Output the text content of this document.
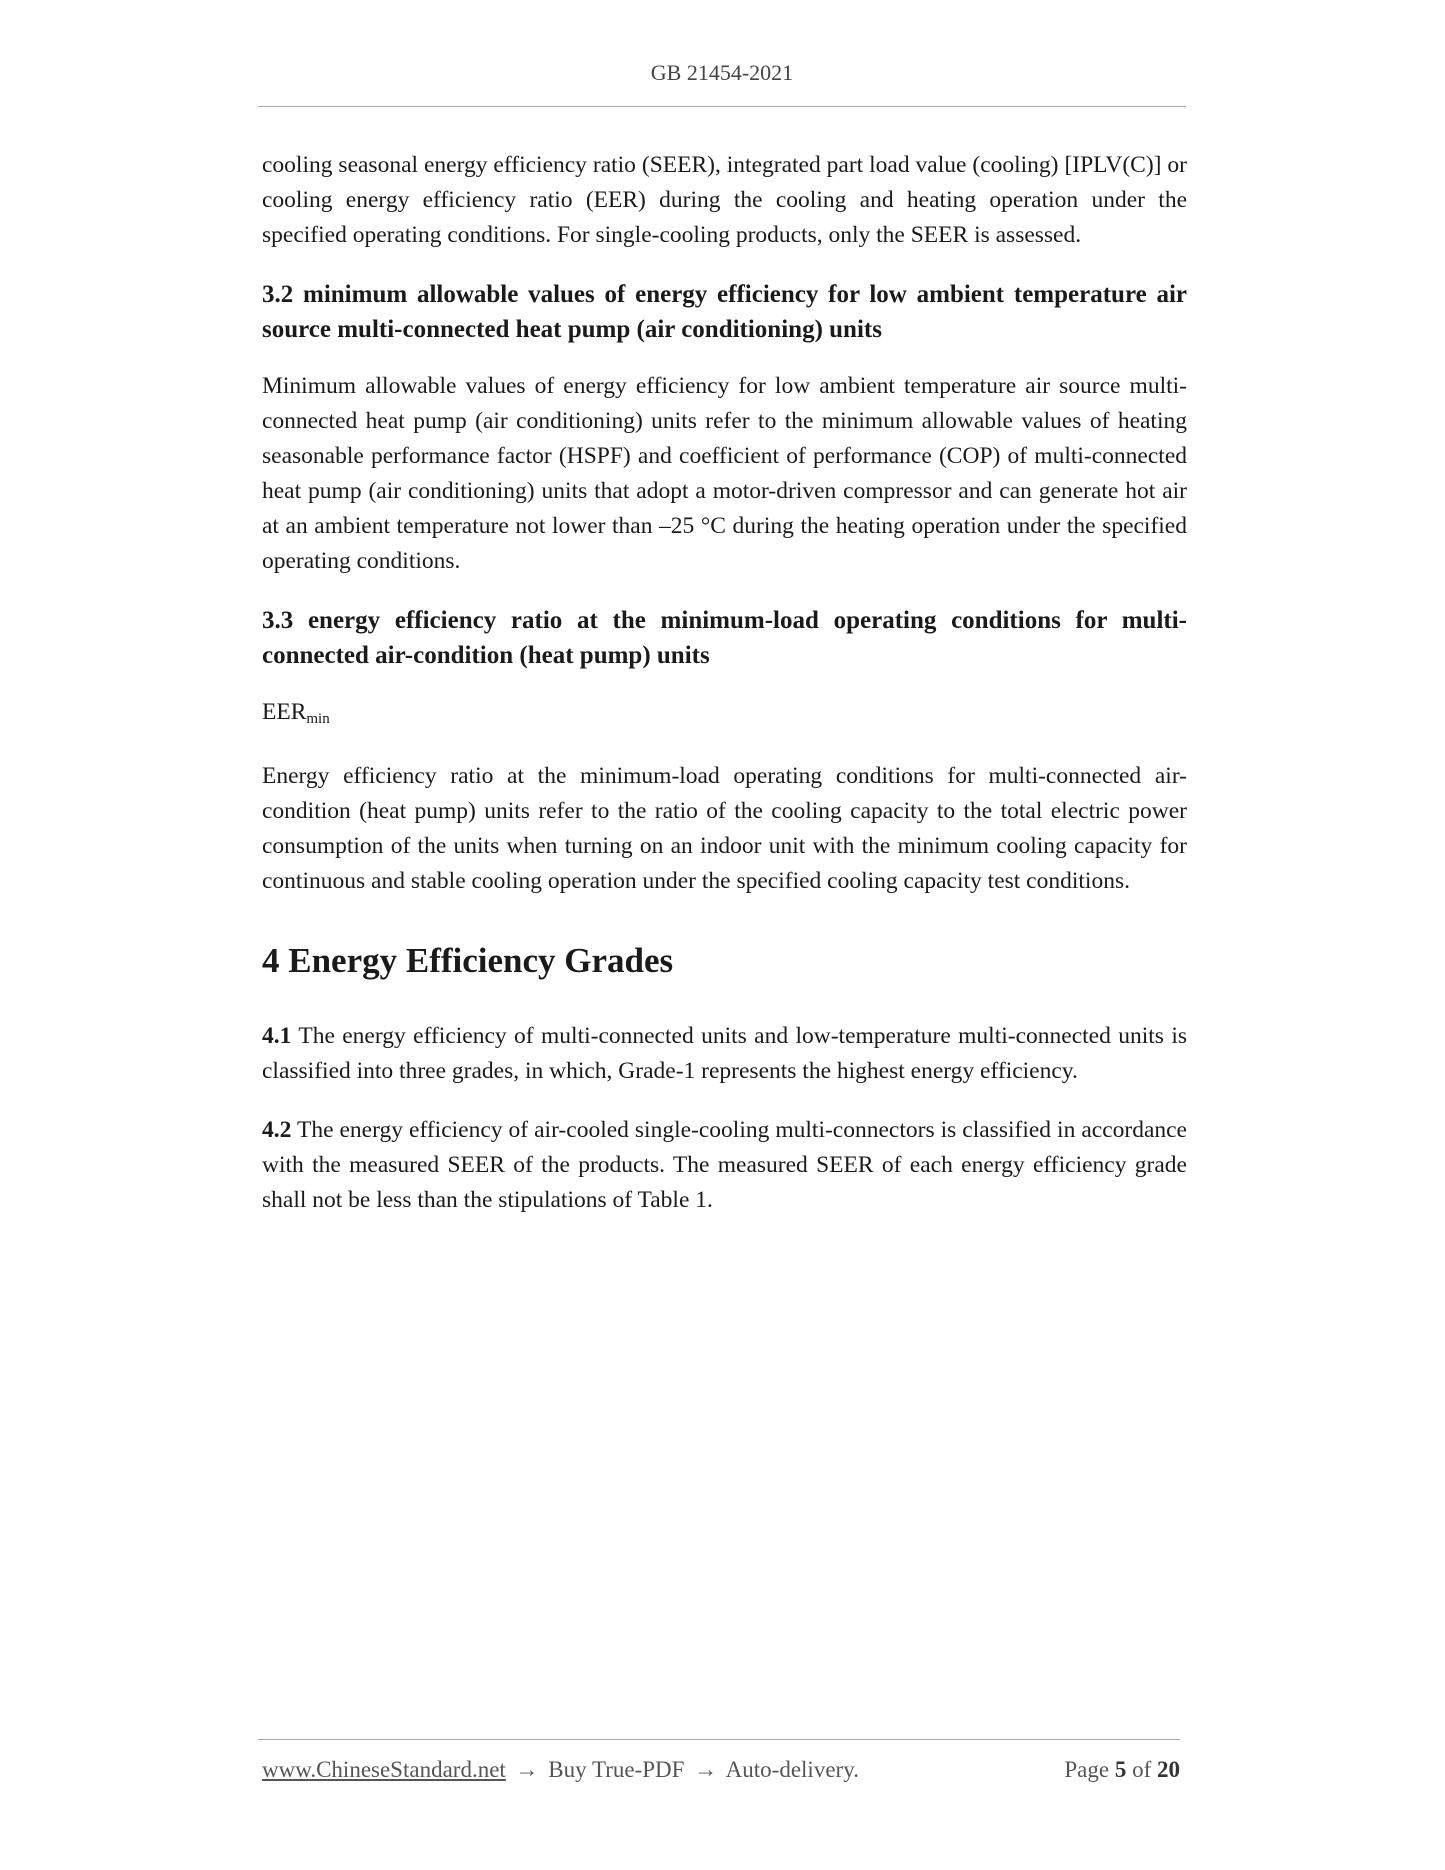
GB 21454-2021

cooling seasonal energy efficiency ratio (SEER), integrated part load value (cooling) [IPLV(C)] or cooling energy efficiency ratio (EER) during the cooling and heating operation under the specified operating conditions. For single-cooling products, only the SEER is assessed.

3.2 minimum allowable values of energy efficiency for low ambient temperature air source multi-connected heat pump (air conditioning) units

Minimum allowable values of energy efficiency for low ambient temperature air source multi-connected heat pump (air conditioning) units refer to the minimum allowable values of heating seasonable performance factor (HSPF) and coefficient of performance (COP) of multi-connected heat pump (air conditioning) units that adopt a motor-driven compressor and can generate hot air at an ambient temperature not lower than –25 °C during the heating operation under the specified operating conditions.

3.3 energy efficiency ratio at the minimum-load operating conditions for multi-connected air-condition (heat pump) units
$EER_{min}$

Energy efficiency ratio at the minimum-load operating conditions for multi-connected air-condition (heat pump) units refer to the ratio of the cooling capacity to the total electric power consumption of the units when turning on an indoor unit with the minimum cooling capacity for continuous and stable cooling operation under the specified cooling capacity test conditions.

4 Energy Efficiency Grades

4.1 The energy efficiency of multi-connected units and low-temperature multi-connected units is classified into three grades, in which, Grade-1 represents the highest energy efficiency.

4.2 The energy efficiency of air-cooled single-cooling multi-connectors is classified in accordance with the measured SEER of the products. The measured SEER of each energy efficiency grade shall not be less than the stipulations of Table 1.

www.ChineseStandard.net → Buy True-PDF → Auto-delivery.	Page 5 of 20
